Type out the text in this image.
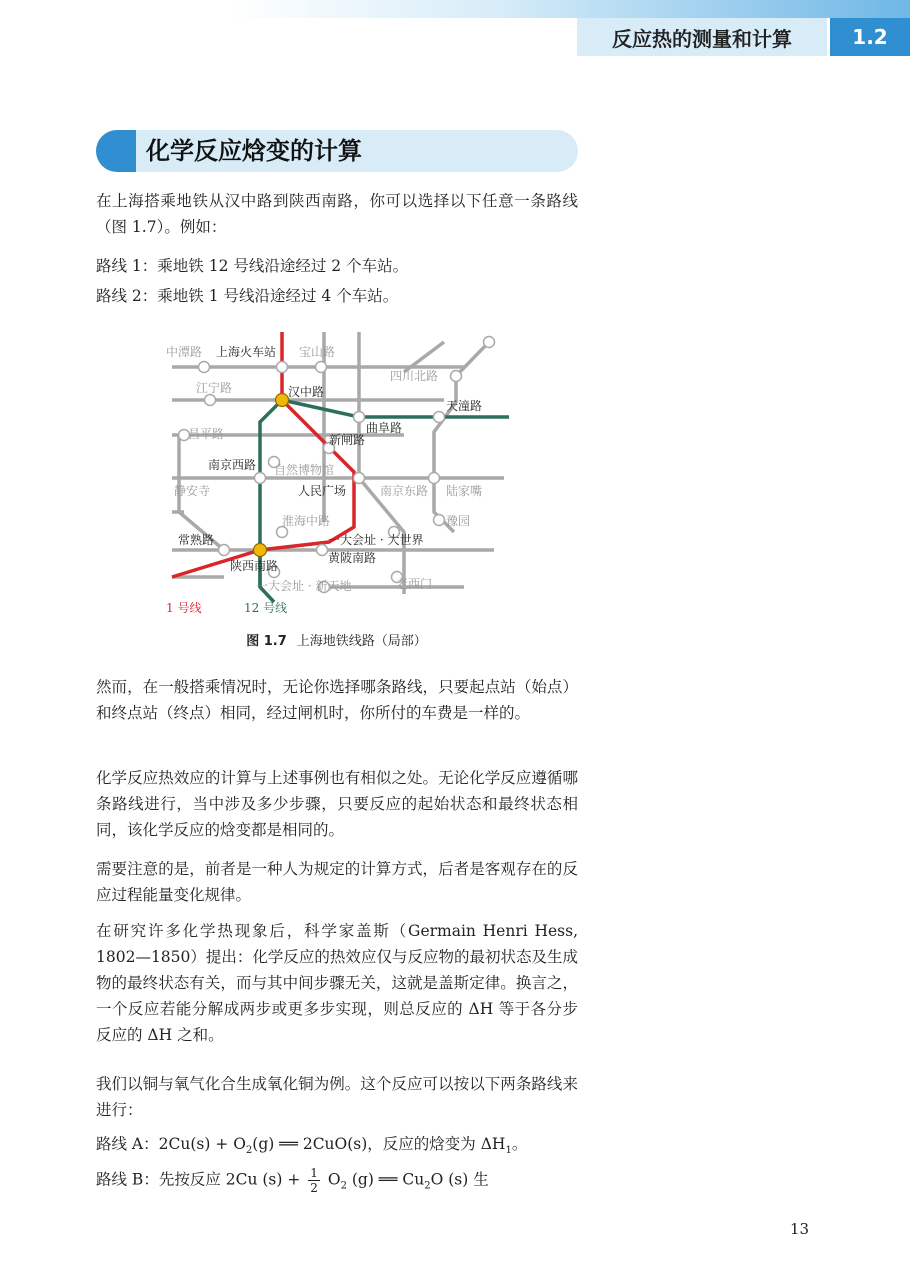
反应热的测量和计算	1.2
化学反应焓变的计算
在上海搭乘地铁从汉中路到陕西南路，你可以选择以下任意一条路线（图 1.7）。例如：
路线 1：乘地铁 12 号线沿途经过 2 个车站。
路线 2：乘地铁 1 号线沿途经过 4 个车站。
中潭路 上海火车站 宝山路
四川北路
江宁路	汉中路
天潼路
昌平路	曲阜路
新闸路
南京西路 自然博物馆
静安寺	人民广场	南京东路 陆家嘴
淮海中路	豫园
常熟路	一大会址 · 大世界
陕西南路
黄陂南路
老西门
一大会址 · 新天地
1 号线	12 号线
图 1.7 上海地铁线路（局部）
然而，在一般搭乘情况时，无论你选择哪条路线，只要起点站（始点）和终点站（终点）相同，经过闸机时，你所付的车费是一样的。
化学反应热效应的计算与上述事例也有相似之处。无论化学反应遵循哪条路线进行，当中涉及多少步骤，只要反应的起始状态和最终状态相同，该化学反应的焓变都是相同的。
需要注意的是，前者是一种人为规定的计算方式，后者是客观存在的反应过程能量变化规律。
在研究许多化学热现象后，科学家盖斯（Germain Henri Hess, 1802—1850）提出：化学反应的热效应仅与反应物的最初状态及生成物的最终状态有关，而与其中间步骤无关，这就是盖斯定律。换言之，一个反应若能分解成两步或更多步实现，则总反应的 ΔH 等于各分步反应的 ΔH 之和。
我们以铜与氧气化合生成氧化铜为例。这个反应可以按以下两条路线来进行：
路线 A：$2Cu(s) + O_2(g)$ ══ 2CuO(s)，反应的焓变为 $\Delta H_1$。
路线 B：先按反应 2Cu $(s) + \frac{1}{2} O_2$ (g) ══ $Cu_2O$ (s) 生
13
